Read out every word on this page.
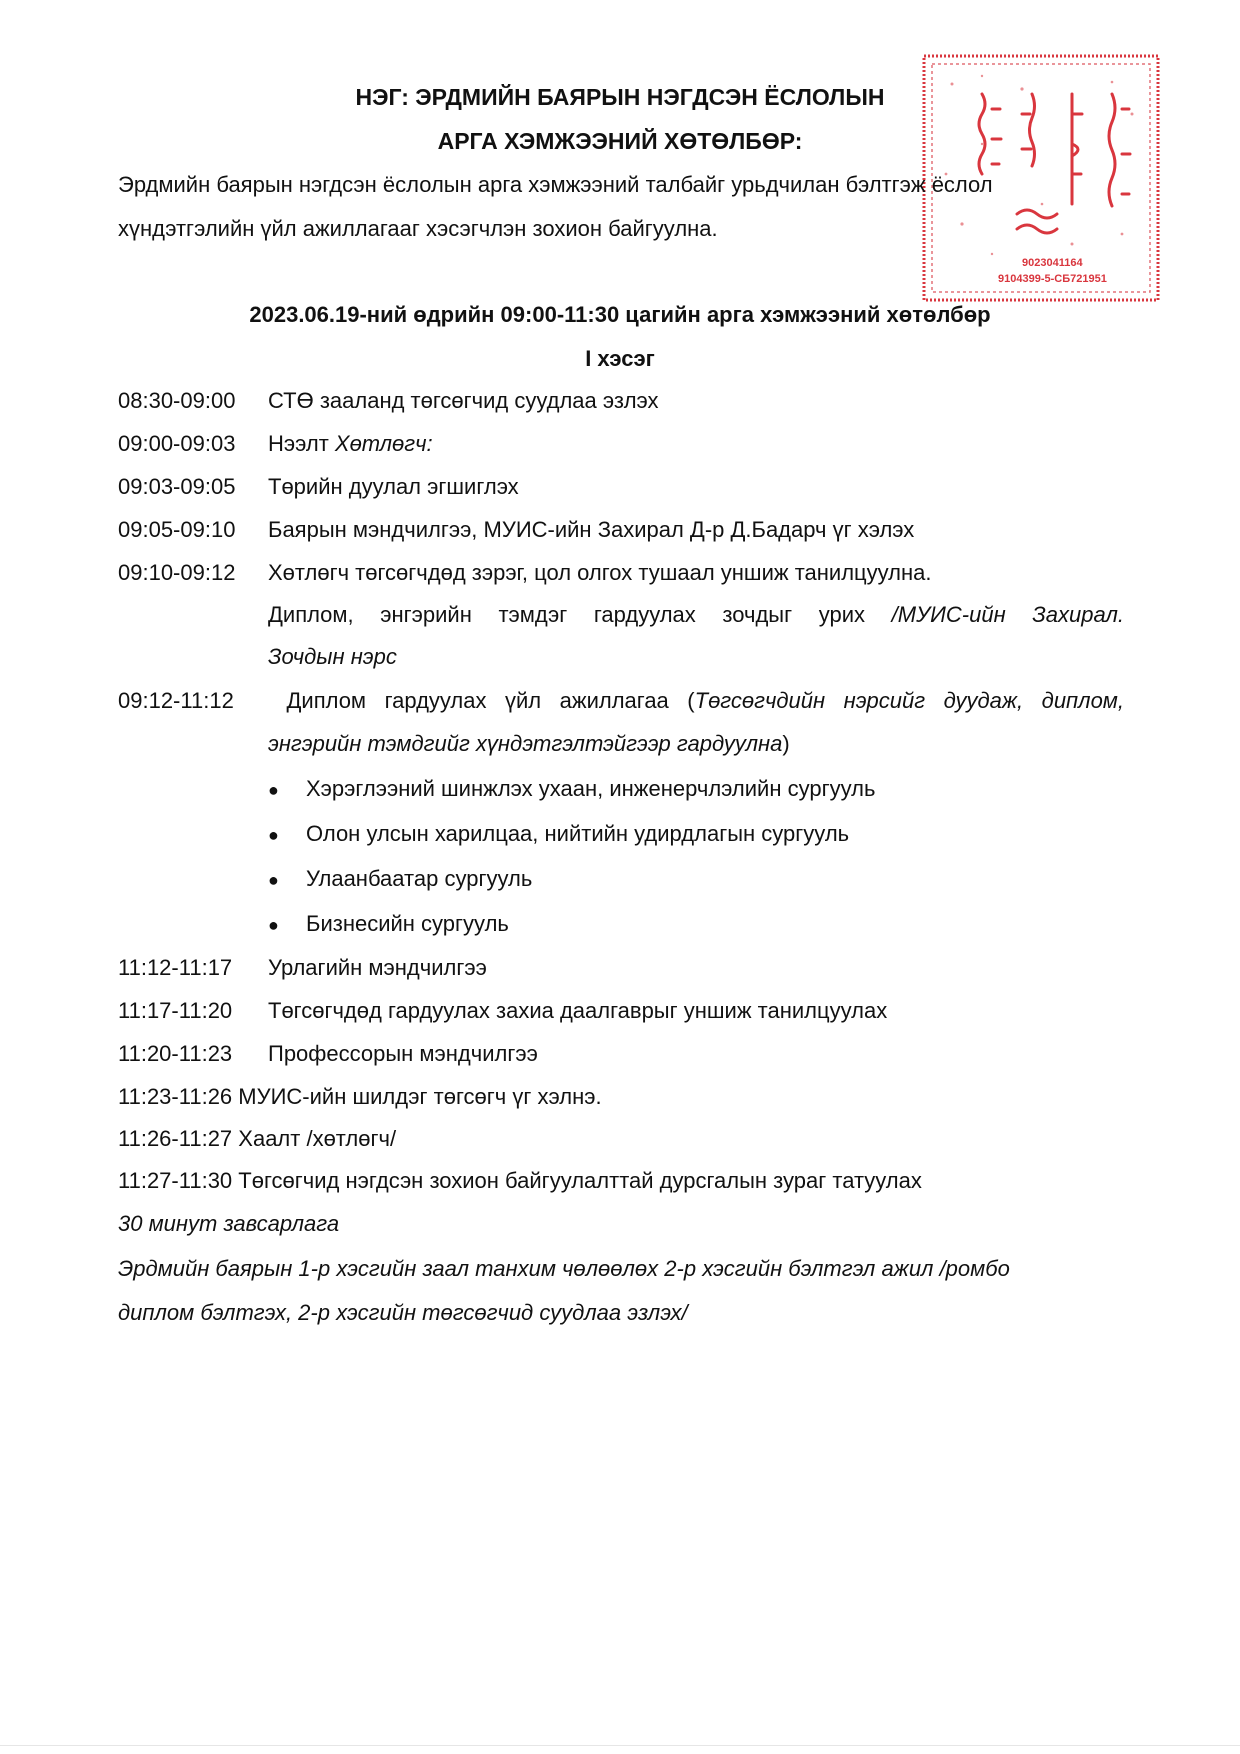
9023041164
9104399-5-СБ721951
НЭГ: ЭРДМИЙН БАЯРЫН НЭГДСЭН ЁСЛОЛЫН
АРГА ХЭМЖЭЭНИЙ ХӨТӨЛБӨР:
Эрдмийн баярын нэгдсэн ёслолын арга хэмжээний талбайг урьдчилан бэлтгэж ёслол
хүндэтгэлийн үйл ажиллагааг хэсэгчлэн зохион байгуулна.
2023.06.19-ний өдрийн 09:00-11:30 цагийн арга хэмжээний хөтөлбөр
I хэсэг
08:30-09:00 СТӨ зааланд төгсөгчид суудлаа эзлэх
09:00-09:03 Нээлт Хөтлөгч:
09:03-09:05 Төрийн дуулал эгшиглэх
09:05-09:10 Баярын мэндчилгээ, МУИС-ийн Захирал Д-р Д.Бадарч үг хэлэх
09:10-09:12 Хөтлөгч төгсөгчдөд зэрэг, цол олгох тушаал уншиж танилцуулна.
Диплом, энгэрийн тэмдэг гардуулах зочдыг урих /МУИС-ийн Захирал.
Зочдын нэрс
09:12-11:12 Диплом гардуулах үйл ажиллагаа (Төгсөгчдийн нэрсийг дуудаж, диплом,
энгэрийн тэмдгийг хүндэтгэлтэйгээр гардуулна)
● Хэрэглээний шинжлэх ухаан, инженерчлэлийн сургууль
● Олон улсын харилцаа, нийтийн удирдлагын сургууль
● Улаанбаатар сургууль
● Бизнесийн сургууль
11:12-11:17 Урлагийн мэндчилгээ
11:17-11:20 Төгсөгчдөд гардуулах захиа даалгаврыг уншиж танилцуулах
11:20-11:23 Профессорын мэндчилгээ
11:23-11:26 МУИС-ийн шилдэг төгсөгч үг хэлнэ.
11:26-11:27 Хаалт /хөтлөгч/
11:27-11:30 Төгсөгчид нэгдсэн зохион байгуулалттай дурсгалын зураг татуулах
30 минут завсарлага
Эрдмийн баярын 1-р хэсгийн заал танхим чөлөөлөх 2-р хэсгийн бэлтгэл ажил /ромбо
диплом бэлтгэх, 2-р хэсгийн төгсөгчид суудлаа эзлэх/
